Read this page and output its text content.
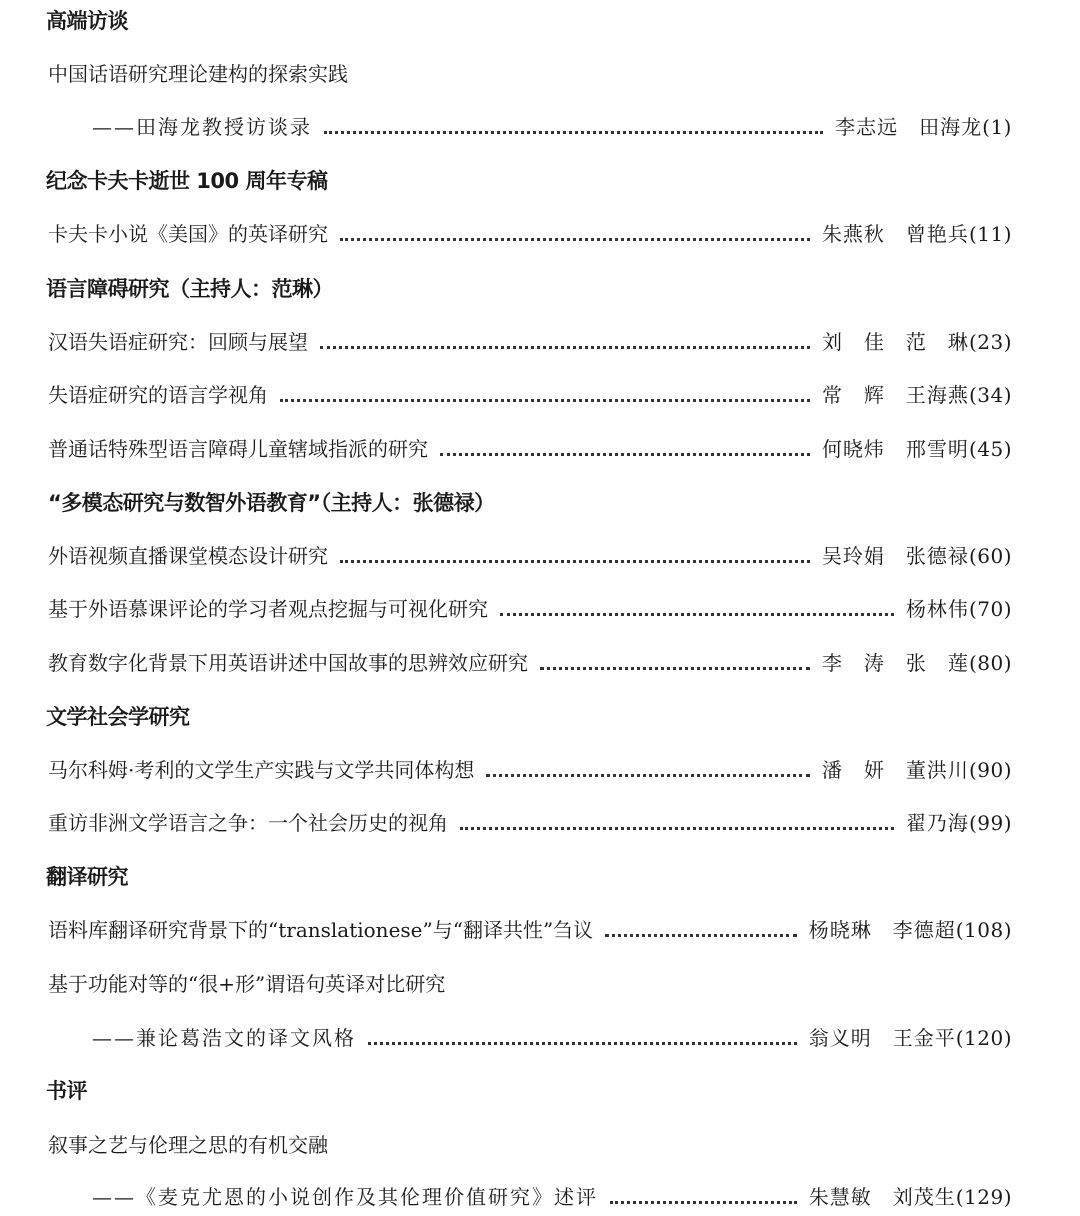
高端访谈
中国话语研究理论建构的探索实践
——田海龙教授访谈录	李志远　田海龙 (1)
纪念卡夫卡逝世 100 周年专稿
卡夫卡小说《美国》的英译研究	朱燕秋　曾艳兵 (11)
语言障碍研究（主持人：范琳）
汉语失语症研究：回顾与展望	刘　佳　范　琳 (23)
失语症研究的语言学视角	常　辉　王海燕 (34)
普通话特殊型语言障碍儿童辖域指派的研究	何晓炜　邢雪明 (45)
“多模态研究与数智外语教育”（主持人：张德禄）
外语视频直播课堂模态设计研究	吴玲娟　张德禄 (60)
基于外语慕课评论的学习者观点挖掘与可视化研究	杨林伟 (70)
教育数字化背景下用英语讲述中国故事的思辨效应研究	李　涛　张　莲 (80)
文学社会学研究
马尔科姆·考利的文学生产实践与文学共同体构想	潘　妍　董洪川 (90)
重访非洲文学语言之争：一个社会历史的视角	翟乃海 (99)
翻译研究
语料库翻译研究背景下的“translationese”与“翻译共性”刍议	杨晓琳　李德超 (108)
基于功能对等的“很+形”谓语句英译对比研究
——兼论葛浩文的译文风格	翁义明　王金平 (120)
书评
叙事之艺与伦理之思的有机交融
——《麦克尤恩的小说创作及其伦理价值研究》述评	朱慧敏　刘茂生 (129)
